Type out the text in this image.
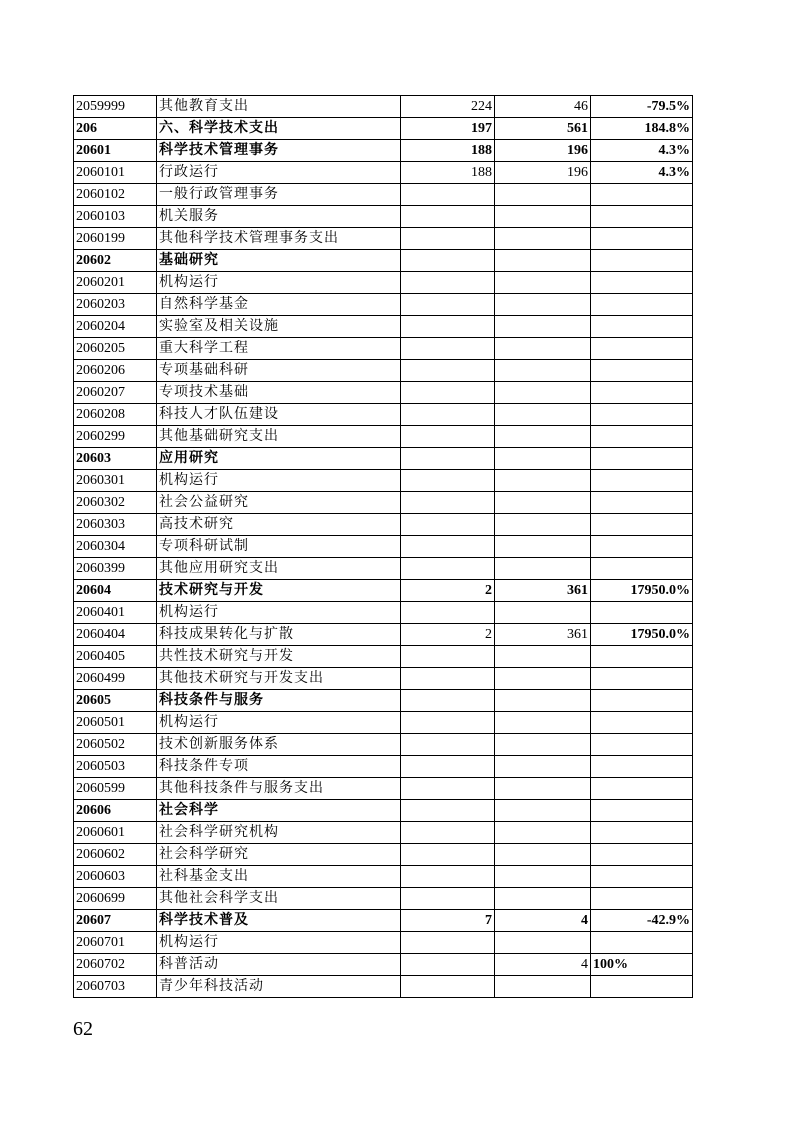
2059999	其他教育支出	224	46	-79.5%
206	六、科学技术支出	197	561	184.8%
20601	科学技术管理事务	188	196	4.3%
2060101	行政运行	188	196	4.3%
2060102	一般行政管理事务			
2060103	机关服务			
2060199	其他科学技术管理事务支出			
20602	基础研究			
2060201	机构运行			
2060203	自然科学基金			
2060204	实验室及相关设施			
2060205	重大科学工程			
2060206	专项基础科研			
2060207	专项技术基础			
2060208	科技人才队伍建设			
2060299	其他基础研究支出			
20603	应用研究			
2060301	机构运行			
2060302	社会公益研究			
2060303	高技术研究			
2060304	专项科研试制			
2060399	其他应用研究支出			
20604	技术研究与开发	2	361	17950.0%
2060401	机构运行			
2060404	科技成果转化与扩散	2	361	17950.0%
2060405	共性技术研究与开发			
2060499	其他技术研究与开发支出			
20605	科技条件与服务			
2060501	机构运行			
2060502	技术创新服务体系			
2060503	科技条件专项			
2060599	其他科技条件与服务支出			
20606	社会科学			
2060601	社会科学研究机构			
2060602	社会科学研究			
2060603	社科基金支出			
2060699	其他社会科学支出			
20607	科学技术普及	7	4	-42.9%
2060701	机构运行			
2060702	科普活动		4	100%
2060703	青少年科技活动			
62
